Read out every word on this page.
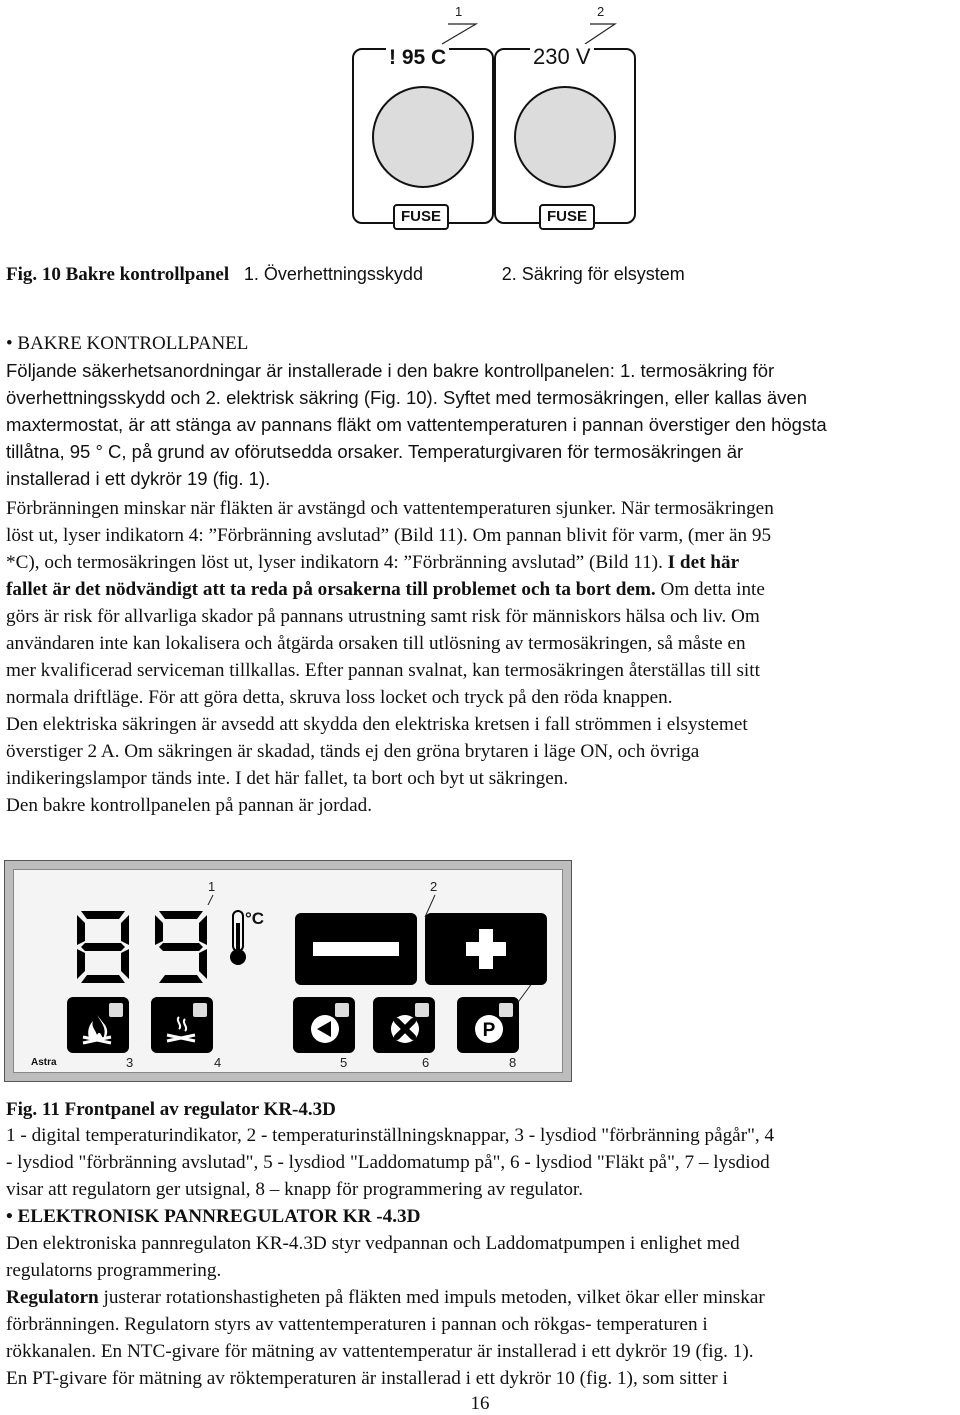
1	2
! 95 C
FUSE
230 V
FUSE
Fig. 10 Bakre kontrollpanel 1. Överhettningsskydd	2. Säkring för elsystem
• BAKRE KONTROLLPANEL
Följande säkerhetsanordningar är installerade i den bakre kontrollpanelen: 1. termosäkring för
överhettningsskydd och 2. elektrisk säkring (Fig. 10). Syftet med termosäkringen, eller kallas även
maxtermostat, är att stänga av pannans fläkt om vattentemperaturen i pannan överstiger den högsta
tillåtna, 95 ° C, på grund av oförutsedda orsaker. Temperaturgivaren för termosäkringen är
installerad i ett dykrör 19 (fig. 1).
Förbränningen minskar när fläkten är avstängd och vattentemperaturen sjunker. När termosäkringen
löst ut, lyser indikatorn 4: ”Förbränning avslutad” (Bild 11). Om pannan blivit för varm, (mer än 95
*C), och termosäkringen löst ut, lyser indikatorn 4: ”Förbränning avslutad” (Bild 11). I det här
fallet är det nödvändigt att ta reda på orsakerna till problemet och ta bort dem. Om detta inte
görs är risk för allvarliga skador på pannans utrustning samt risk för människors hälsa och liv. Om
användaren inte kan lokalisera och åtgärda orsaken till utlösning av termosäkringen, så måste en
mer kvalificerad serviceman tillkallas. Efter pannan svalnat, kan termosäkringen återställas till sitt
normala driftläge. För att göra detta, skruva loss locket och tryck på den röda knappen.
Den elektriska säkringen är avsedd att skydda den elektriska kretsen i fall strömmen i elsystemet
överstiger 2 A. Om säkringen är skadad, tänds ej den gröna brytaren i läge ON, och övriga
indikeringslampor tänds inte. I det här fallet, ta bort och byt ut säkringen.
Den bakre kontrollpanelen på pannan är jordad.
1	2
3	4	5	6	8
°C
P
Astra
Fig. 11 Frontpanel av regulator KR-4.3D
1 - digital temperaturindikator, 2 - temperaturinställningsknappar, 3 - lysdiod "förbränning pågår", 4
- lysdiod "förbränning avslutad", 5 - lysdiod "Laddomatump på", 6 - lysdiod "Fläkt på", 7 – lysdiod
visar att regulatorn ger utsignal, 8 – knapp för programmering av regulator.
• ELEKTRONISK PANNREGULATOR KR -4.3D
Den elektroniska pannregulaton KR-4.3D styr vedpannan och Laddomatpumpen i enlighet med
regulatorns programmering.
Regulatorn justerar rotationshastigheten på fläkten med impuls metoden, vilket ökar eller minskar
förbränningen. Regulatorn styrs av vattentemperaturen i pannan och rökgas- temperaturen i
rökkanalen. En NTC-givare för mätning av vattentemperatur är installerad i ett dykrör 19 (fig. 1).
En PT-givare för mätning av röktemperaturen är installerad i ett dykrör 10 (fig. 1), som sitter i
16
